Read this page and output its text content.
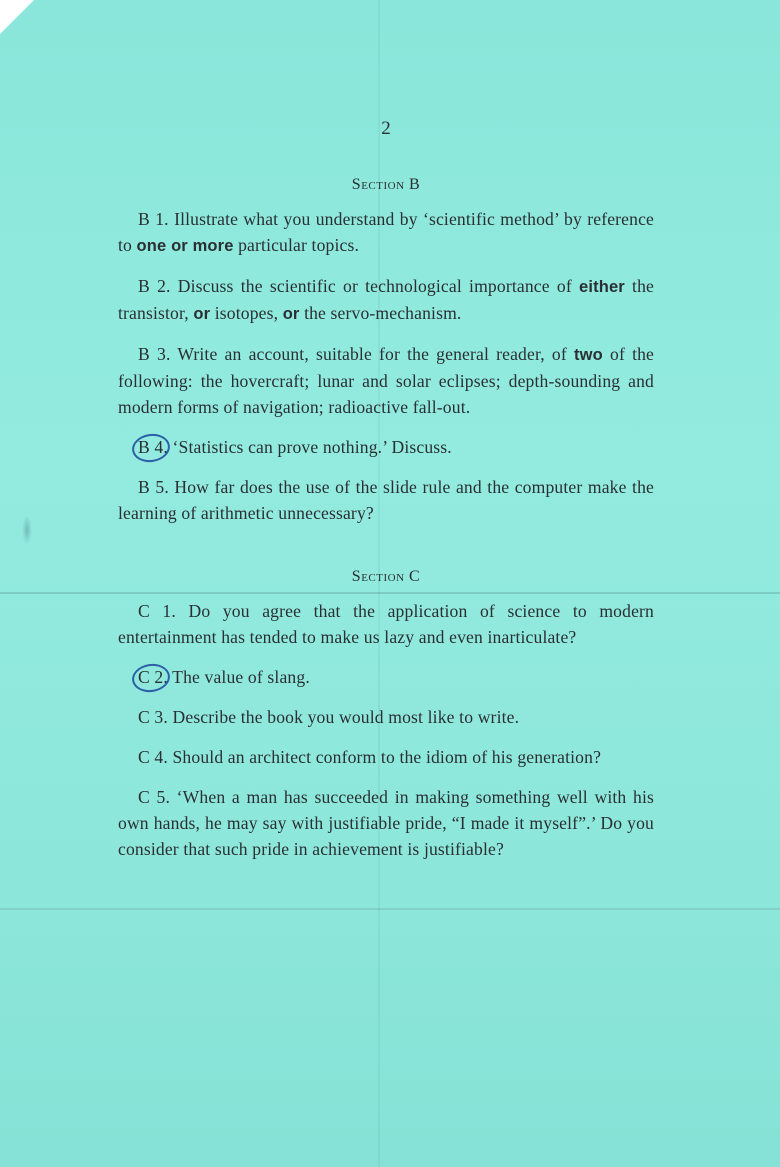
2
Section B

B 1. Illustrate what you understand by ‘scientific method’ by reference to one or more particular topics.

B 2. Discuss the scientific or technological importance of either the transistor, or isotopes, or the servo-mechanism.

B 3. Write an account, suitable for the general reader, of two of the following: the hovercraft; lunar and solar eclipses; depth-sounding and modern forms of navigation; radioactive fall-out.

B 4. ‘Statistics can prove nothing.’ Discuss.

B 5. How far does the use of the slide rule and the computer make the learning of arithmetic unnecessary?

Section C

C 1. Do you agree that the application of science to modern entertainment has tended to make us lazy and even inarticulate?

C 2. The value of slang.

C 3. Describe the book you would most like to write.

C 4. Should an architect conform to the idiom of his generation?

C 5. ‘When a man has succeeded in making something well with his own hands, he may say with justifiable pride, “I made it myself”.’ Do you consider that such pride in achievement is justifiable?
